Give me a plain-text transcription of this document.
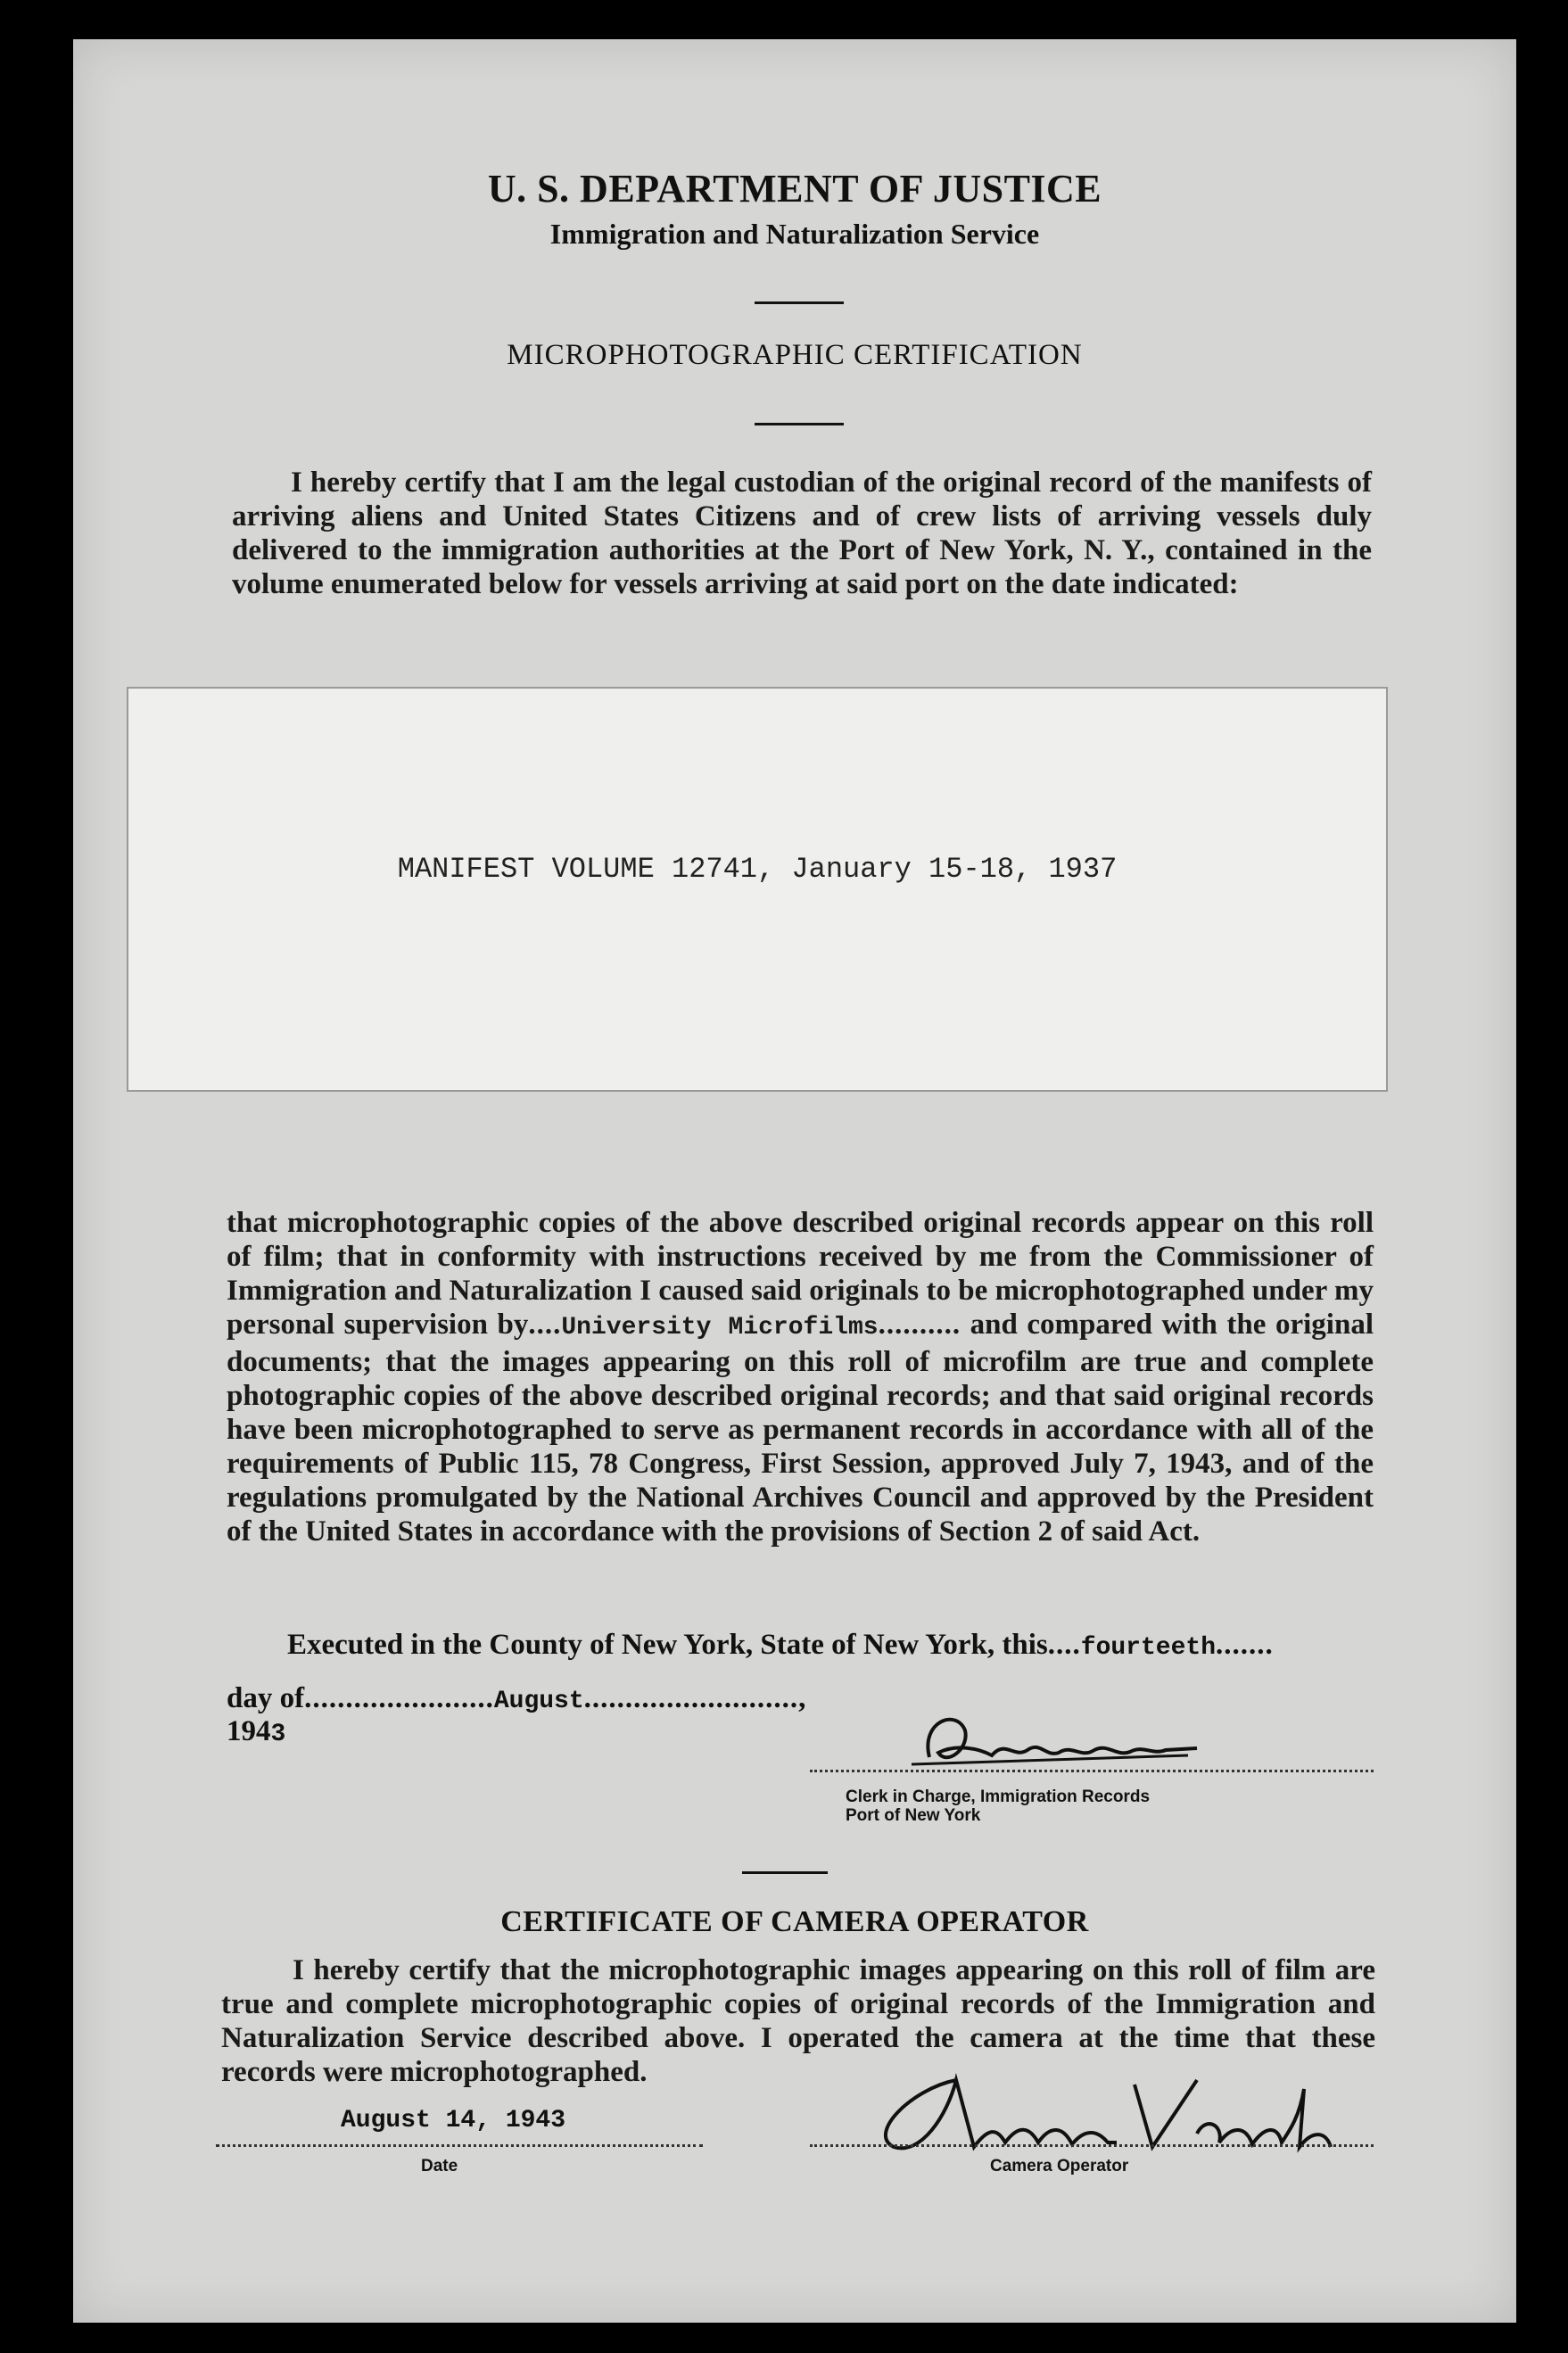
U. S. DEPARTMENT OF JUSTICE
Immigration and Naturalization Service
MICROPHOTOGRAPHIC CERTIFICATION
I hereby certify that I am the legal custodian of the original record of the manifests of arriving aliens and United States Citizens and of crew lists of arriving vessels duly delivered to the immigration authorities at the Port of New York, N. Y., contained in the volume enumerated below for vessels arriving at said port on the date indicated:
MANIFEST VOLUME 12741, January 15-18, 1937
that microphotographic copies of the above described original records appear on this roll of film; that in conformity with instructions received by me from the Commissioner of Immigration and Naturalization I caused said originals to be microphotographed under my personal supervision by....University Microfilms.......... and compared with the original documents; that the images appearing on this roll of microfilm are true and complete photographic copies of the above described original records; and that said original records have been microphotographed to serve as permanent records in accordance with all of the requirements of Public 115, 78 Congress, First Session, approved July 7, 1943, and of the regulations promulgated by the National Archives Council and approved by the President of the United States in accordance with the provisions of Section 2 of said Act.
Executed in the County of New York, State of New York, this....fourteeth.......
day of.......................August.........................., 1943
Clerk in Charge, Immigration Records
Port of New York
CERTIFICATE OF CAMERA OPERATOR
I hereby certify that the microphotographic images appearing on this roll of film are true and complete microphotographic copies of original records of the Immigration and Naturalization Service described above. I operated the camera at the time that these records were microphotographed.
August 14, 1943
Date	Camera Operator
